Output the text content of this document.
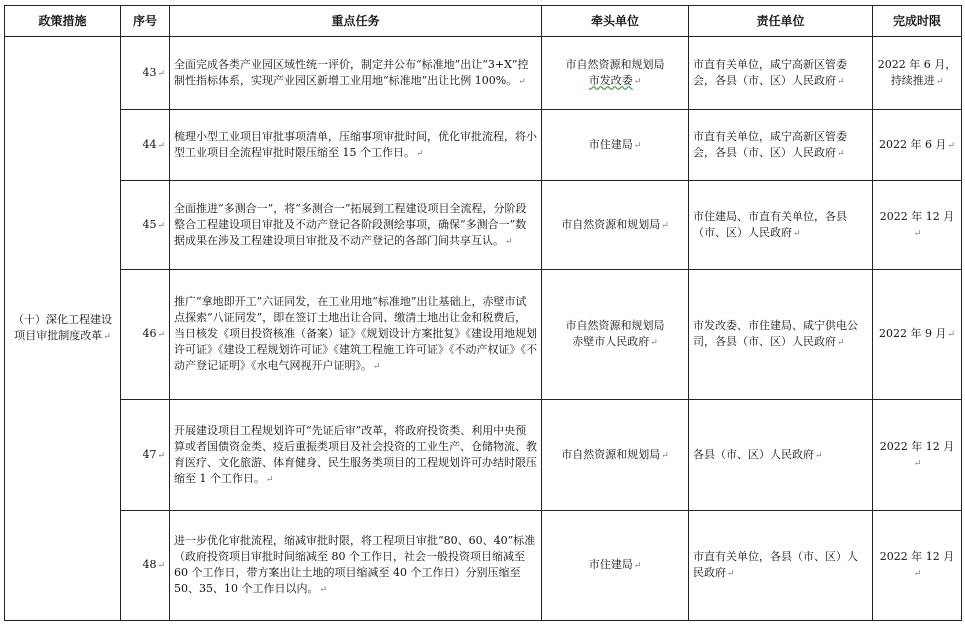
政策措施	序号	重点任务	牵头单位	责任单位	完成时限
（十）深化工程建设项目审批制度改革↵	43↵	全面完成各类产业园区域性统一评价，制定并公布“标准地”出让“3+X”控制性指标体系，实现产业园区新增工业用地“标准地”出让比例 100%。↵	市自然资源和规划局
市发改委↵	市直有关单位，咸宁高新区管委会，各县（市、区）人民政府↵	2022 年 6 月，
持续推进↵
	44↵	梳理小型工业项目审批事项清单，压缩事项审批时间，优化审批流程，将小型工业项目全流程审批时限压缩至 15 个工作日。↵	市住建局↵	市直有关单位，咸宁高新区管委会，各县（市、区）人民政府↵	2022 年 6 月↵
	45↵	全面推进“多测合一”，将“多测合一”拓展到工程建设项目全流程，分阶段整合工程建设项目审批及不动产登记各阶段测绘事项，确保“多测合一”数据成果在涉及工程建设项目审批及不动产登记的各部门间共享互认。↵	市自然资源和规划局↵	市住建局、市直有关单位，各县（市、区）人民政府↵	2022 年 12 月↵
	46↵	推广“拿地即开工”六证同发，在工业用地“标准地”出让基础上，赤壁市试点探索“八证同发”，即在签订土地出让合同、缴清土地出让金和税费后，当日核发《项目投资核准（备案）证》《规划设计方案批复》《建设用地规划许可证》《建设工程规划许可证》《建筑工程施工许可证》《不动产权证》《不动产登记证明》《水电气网视开户证明》。↵	市自然资源和规划局
赤壁市人民政府↵	市发改委、市住建局、咸宁供电公司，各县（市、区）人民政府↵	2022 年 9 月↵
	47↵	开展建设项目工程规划许可“先证后审”改革，将政府投资类、利用中央预算或者国债资金类、疫后重振类项目及社会投资的工业生产、仓储物流、教育医疗、文化旅游、体育健身、民生服务类项目的工程规划许可办结时限压缩至 1 个工作日。↵	市自然资源和规划局↵	各县（市、区）人民政府↵	2022 年 12 月↵
	48↵	进一步优化审批流程，缩减审批时限，将工程项目审批“80、60、40”标准（政府投资项目审批时间缩减至 80 个工作日，社会一般投资项目缩减至 60 个工作日，带方案出让土地的项目缩减至 40 个工作日）分别压缩至 50、35、10 个工作日以内。↵	市住建局↵	市直有关单位，各县（市、区）人民政府↵	2022 年 12 月↵
